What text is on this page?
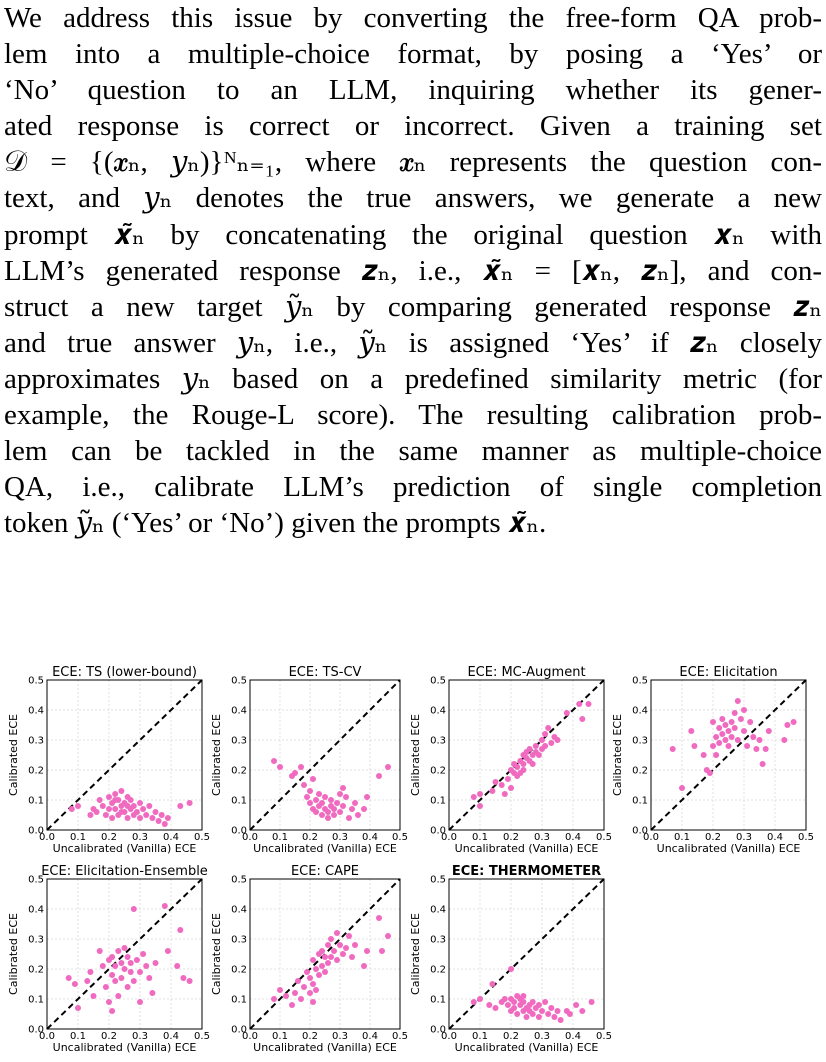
We address this issue by converting the free-form QA prob-
lem into a multiple-choice format, by posing a ‘Yes’ or
‘No’ question to an LLM, inquiring whether its gener-
ated response is correct or incorrect. Given a training set
𝒟 = {(𝒙ₙ, 𝑦ₙ)}ᴺₙ₌₁, where 𝒙ₙ represents the question con-
text, and 𝑦ₙ denotes the true answers, we generate a new
prompt 𝒙̃ₙ by concatenating the original question 𝒙ₙ with
LLM’s generated response 𝒛ₙ, i.e., 𝒙̃ₙ = [𝒙ₙ, 𝒛ₙ], and con-
struct a new target 𝑦̃ₙ by comparing generated response 𝒛ₙ
and true answer 𝑦ₙ, i.e., 𝑦̃ₙ is assigned ‘Yes’ if 𝒛ₙ closely
approximates 𝑦ₙ based on a predefined similarity metric (for
example, the Rouge-L score). The resulting calibration prob-
lem can be tackled in the same manner as multiple-choice
QA, i.e., calibrate LLM’s prediction of single completion
token 𝑦̃ₙ (‘Yes’ or ‘No’) given the prompts 𝒙̃ₙ.
0.0
0.0
0.1
0.1
0.2
0.2
0.3
0.3
0.4
0.4
0.5
0.5
ECE: TS (lower-bound)
Uncalibrated (Vanilla) ECE
Calibrated ECE
0.0
0.0
0.1
0.1
0.2
0.2
0.3
0.3
0.4
0.4
0.5
0.5
ECE: TS-CV
Uncalibrated (Vanilla) ECE
Calibrated ECE
0.0
0.0
0.1
0.1
0.2
0.2
0.3
0.3
0.4
0.4
0.5
0.5
ECE: MC-Augment
Uncalibrated (Vanilla) ECE
Calibrated ECE
0.0
0.0
0.1
0.1
0.2
0.2
0.3
0.3
0.4
0.4
0.5
0.5
ECE: Elicitation
Uncalibrated (Vanilla) ECE
Calibrated ECE
0.0
0.0
0.1
0.1
0.2
0.2
0.3
0.3
0.4
0.4
0.5
0.5
ECE: Elicitation-Ensemble
Uncalibrated (Vanilla) ECE
Calibrated ECE
0.0
0.0
0.1
0.1
0.2
0.2
0.3
0.3
0.4
0.4
0.5
0.5
ECE: CAPE
Uncalibrated (Vanilla) ECE
Calibrated ECE
0.0
0.0
0.1
0.1
0.2
0.2
0.3
0.3
0.4
0.4
0.5
0.5
ECE: THERMOMETER
Uncalibrated (Vanilla) ECE
Calibrated ECE
